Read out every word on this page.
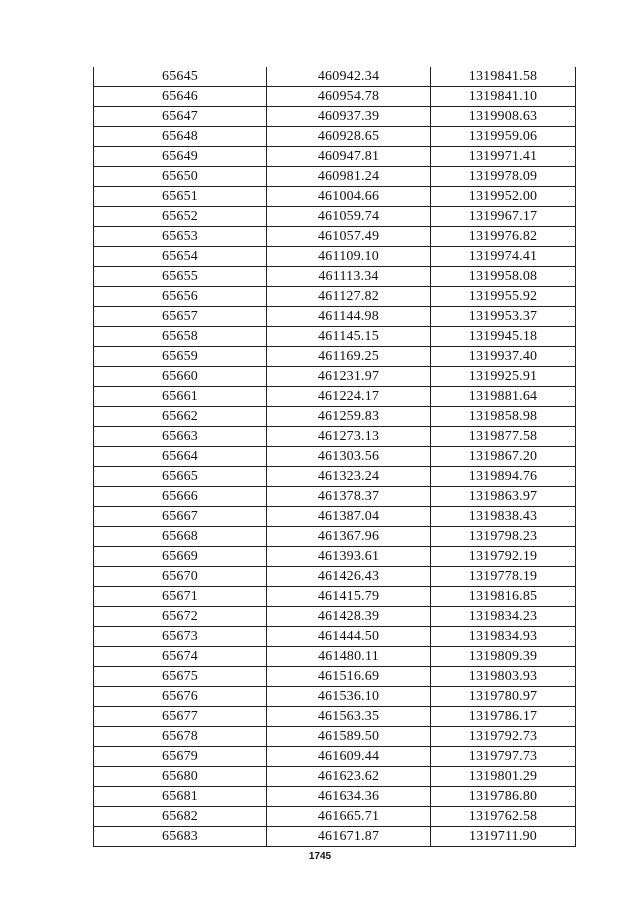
65645	460942.34	1319841.58
65646	460954.78	1319841.10
65647	460937.39	1319908.63
65648	460928.65	1319959.06
65649	460947.81	1319971.41
65650	460981.24	1319978.09
65651	461004.66	1319952.00
65652	461059.74	1319967.17
65653	461057.49	1319976.82
65654	461109.10	1319974.41
65655	461113.34	1319958.08
65656	461127.82	1319955.92
65657	461144.98	1319953.37
65658	461145.15	1319945.18
65659	461169.25	1319937.40
65660	461231.97	1319925.91
65661	461224.17	1319881.64
65662	461259.83	1319858.98
65663	461273.13	1319877.58
65664	461303.56	1319867.20
65665	461323.24	1319894.76
65666	461378.37	1319863.97
65667	461387.04	1319838.43
65668	461367.96	1319798.23
65669	461393.61	1319792.19
65670	461426.43	1319778.19
65671	461415.79	1319816.85
65672	461428.39	1319834.23
65673	461444.50	1319834.93
65674	461480.11	1319809.39
65675	461516.69	1319803.93
65676	461536.10	1319780.97
65677	461563.35	1319786.17
65678	461589.50	1319792.73
65679	461609.44	1319797.73
65680	461623.62	1319801.29
65681	461634.36	1319786.80
65682	461665.71	1319762.58
65683	461671.87	1319711.90
1745
